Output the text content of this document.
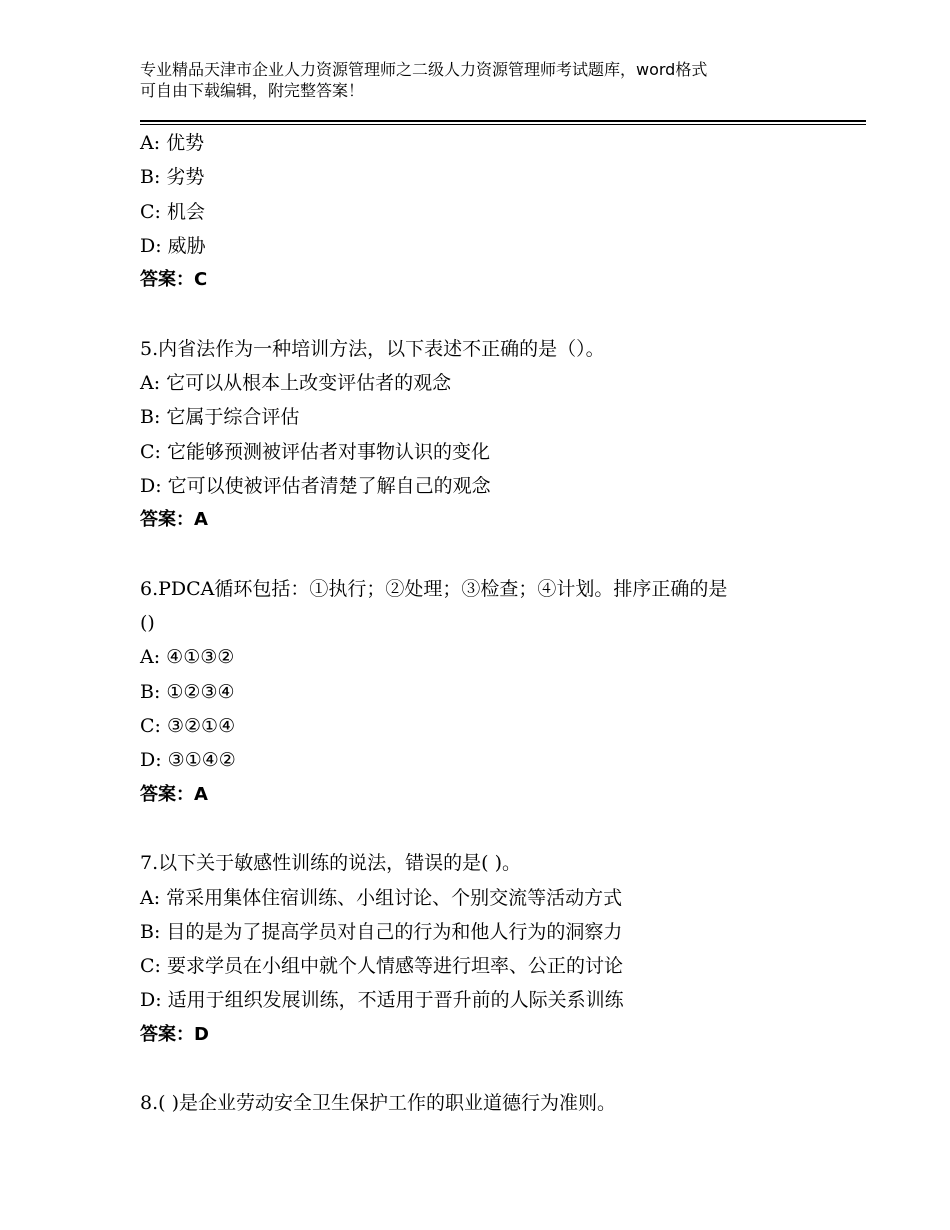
专业精品天津市企业人力资源管理师之二级人力资源管理师考试题库，word格式
可自由下载编辑，附完整答案！
A: 优势
B: 劣势
C: 机会
D: 威胁
答案：C
5.内省法作为一种培训方法，以下表述不正确的是（）。
A: 它可以从根本上改变评估者的观念
B: 它属于综合评估
C: 它能够预测被评估者对事物认识的变化
D: 它可以使被评估者清楚了解自己的观念
答案：A
6.PDCA循环包括：①执行；②处理；③检查；④计划。排序正确的是
()
A: ④①③②
B: ①②③④
C: ③②①④
D: ③①④②
答案：A
7.以下关于敏感性训练的说法，错误的是( )。
A: 常采用集体住宿训练、小组讨论、个别交流等活动方式
B: 目的是为了提高学员对自己的行为和他人行为的洞察力
C: 要求学员在小组中就个人情感等进行坦率、公正的讨论
D: 适用于组织发展训练，不适用于晋升前的人际关系训练
答案：D
8.( )是企业劳动安全卫生保护工作的职业道德行为准则。
